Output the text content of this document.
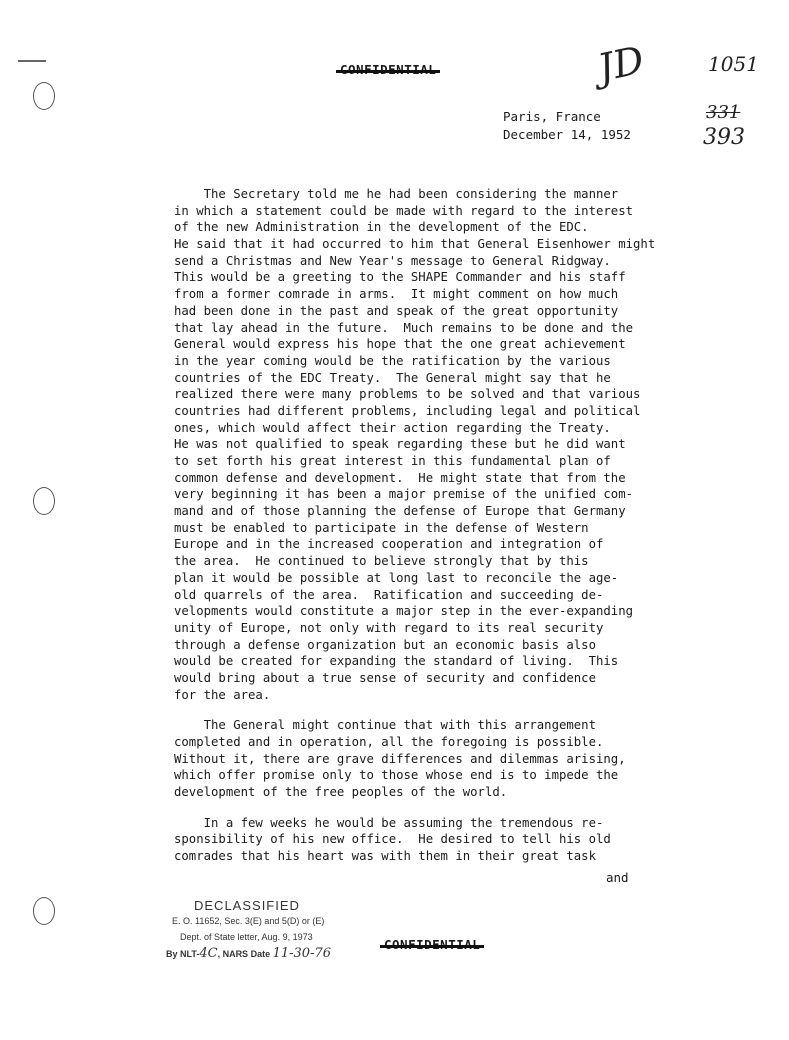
JD	1051
331
393
Paris, France
December 14, 1952
The Secretary told me he had been considering the manner
in which a statement could be made with regard to the interest
of the new Administration in the development of the EDC.
He said that it had occurred to him that General Eisenhower might
send a Christmas and New Year's message to General Ridgway.
This would be a greeting to the SHAPE Commander and his staff
from a former comrade in arms.  It might comment on how much
had been done in the past and speak of the great opportunity
that lay ahead in the future.  Much remains to be done and the
General would express his hope that the one great achievement
in the year coming would be the ratification by the various
countries of the EDC Treaty.  The General might say that he
realized there were many problems to be solved and that various
countries had different problems, including legal and political
ones, which would affect their action regarding the Treaty.
He was not qualified to speak regarding these but he did want
to set forth his great interest in this fundamental plan of
common defense and development.  He might state that from the
very beginning it has been a major premise of the unified com-
mand and of those planning the defense of Europe that Germany
must be enabled to participate in the defense of Western
Europe and in the increased cooperation and integration of
the area.  He continued to believe strongly that by this
plan it would be possible at long last to reconcile the age-
old quarrels of the area.  Ratification and succeeding de-
velopments would constitute a major step in the ever-expanding
unity of Europe, not only with regard to its real security
through a defense organization but an economic basis also
would be created for expanding the standard of living.  This
would bring about a true sense of security and confidence
for the area.
The General might continue that with this arrangement
completed and in operation, all the foregoing is possible.
Without it, there are grave differences and dilemmas arising,
which offer promise only to those whose end is to impede the
development of the free peoples of the world.
In a few weeks he would be assuming the tremendous re-
sponsibility of his new office.  He desired to tell his old
comrades that his heart was with them in their great task
and
DECLASSIFIED
E. O. 11652, Sec. 3(E) and 5(D) or (E)
Dept. of State letter, Aug. 9, 1973
By NLT-4C, NARS Date 11-30-76
